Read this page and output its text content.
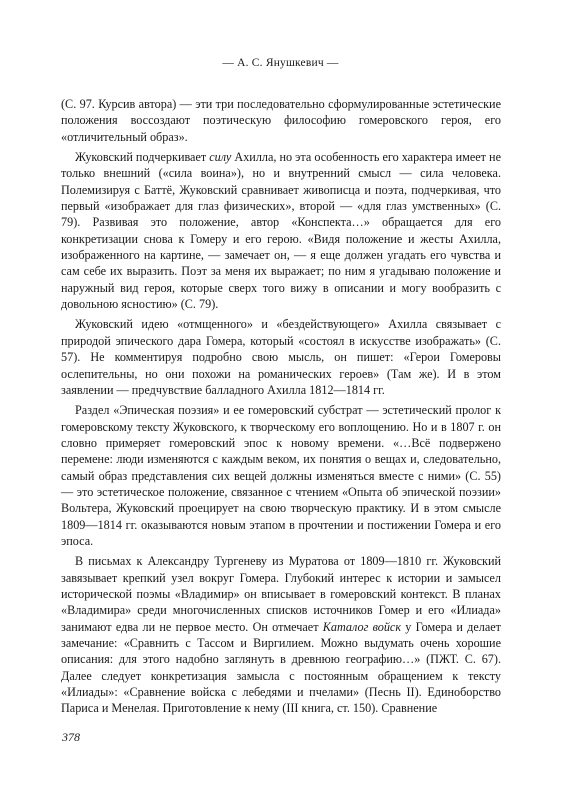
— А. С. Янушкевич —

(С. 97. Курсив автора) — эти три последовательно сформулированные эстетические положения воссоздают поэтическую философию гомеровского героя, его «отличительный образ».

Жуковский подчеркивает силу Ахилла, но эта особенность его характера имеет не только внешний («сила воина»), но и внутренний смысл — сила человека. Полемизируя с Баттё, Жуковский сравнивает живописца и поэта, подчеркивая, что первый «изображает для глаз физических», второй — «для глаз умственных» (С. 79). Развивая это положение, автор «Конспекта…» обращается для его конкретизации снова к Гомеру и его герою. «Видя положение и жесты Ахилла, изображенного на картине, — замечает он, — я еще должен угадать его чувства и сам себе их выразить. Поэт за меня их выражает; по ним я угадываю положение и наружный вид героя, которые сверх того вижу в описании и могу вообразить с довольною ясностию» (С. 79).

Жуковский идею «отмщенного» и «бездействующего» Ахилла связывает с природой эпического дара Гомера, который «состоял в искусстве изображать» (С. 57). Не комментируя подробно свою мысль, он пишет: «Герои Гомеровы ослепительны, но они похожи на романических героев» (Там же). И в этом заявлении — предчувствие балладного Ахилла 1812—1814 гг.

Раздел «Эпическая поэзия» и ее гомеровский субстрат — эстетический пролог к гомеровскому тексту Жуковского, к творческому его воплощению. Но и в 1807 г. он словно примеряет гомеровский эпос к новому времени. «…Всё подвержено перемене: люди изменяются с каждым веком, их понятия о вещах и, следовательно, самый образ представления сих вещей должны изменяться вместе с ними» (С. 55) — это эстетическое положение, связанное с чтением «Опыта об эпической поэзии» Вольтера, Жуковский проецирует на свою творческую практику. И в этом смысле 1809—1814 гг. оказываются новым этапом в прочтении и постижении Гомера и его эпоса.

В письмах к Александру Тургеневу из Муратова от 1809—1810 гг. Жуковский завязывает крепкий узел вокруг Гомера. Глубокий интерес к истории и замысел исторической поэмы «Владимир» он вписывает в гомеровский контекст. В планах «Владимира» среди многочисленных списков источников Гомер и его «Илиада» занимают едва ли не первое место. Он отмечает Каталог войск у Гомера и делает замечание: «Сравнить с Тассом и Виргилием. Можно выдумать очень хорошие описания: для этого надобно заглянуть в древнюю географию…» (ПЖТ. С. 67). Далее следует конкретизация замысла с постоянным обращением к тексту «Илиады»: «Сравнение войска с лебедями и пчелами» (Песнь II). Единоборство Париса и Менелая. Приготовление к нему (III книга, ст. 150). Сравнение

378
